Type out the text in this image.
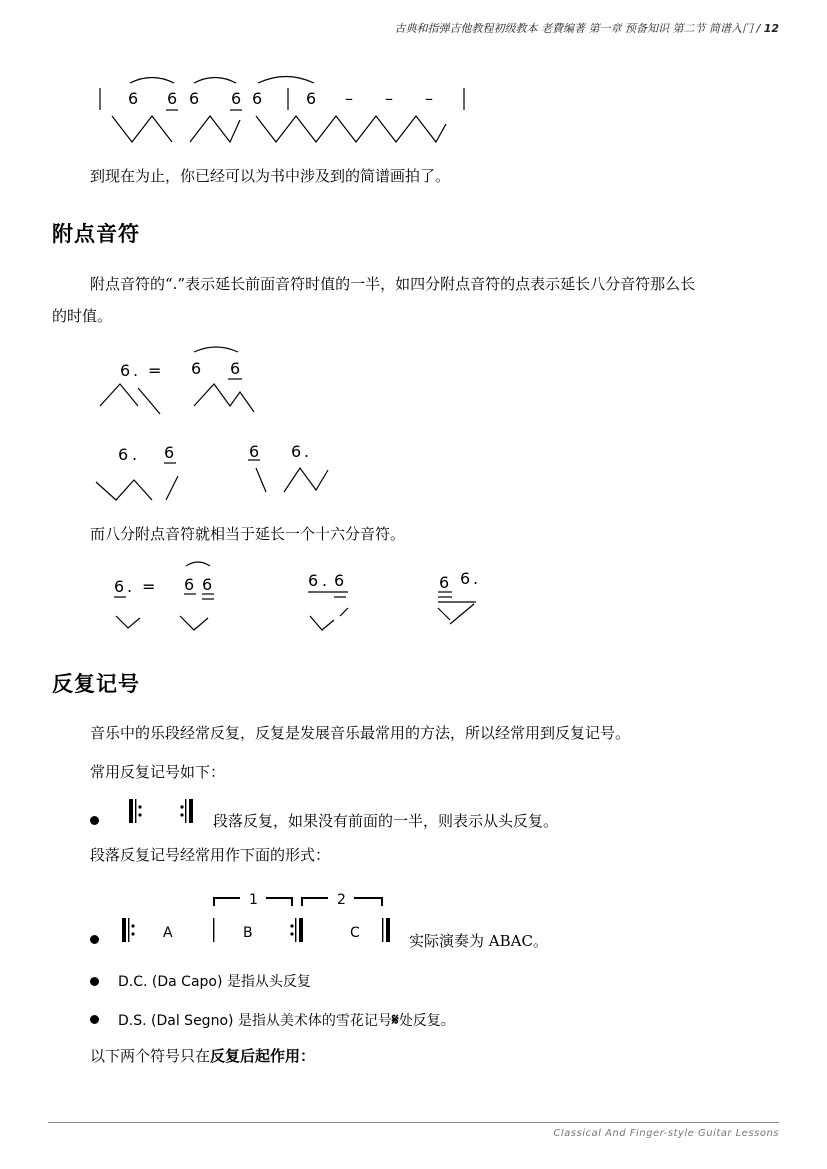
古典和指弹吉他教程初级教本 老費编著 第一章 预备知识 第二节 简谱入门 / 12
6 6 6 6 6	6 – – –
到现在为止，你已经可以为书中涉及到的简谱画拍了。
附点音符
附点音符的“.”表示延长前面音符时值的一半，如四分附点音符的点表示延长八分音符那么长
的时值。
6 . = 6 6
6 . 6	6 6 .
而八分附点音符就相当于延长一个十六分音符。
6 . = 6 6	6 . 6	6 6 .
反复记号
音乐中的乐段经常反复，反复是发展音乐最常用的方法，所以经常用到反复记号。
常用反复记号如下：
段落反复，如果没有前面的一半，则表示从头反复。
段落反复记号经常用作下面的形式：
1	2
A	B	C	实际演奏为 ABAC。
D.C. (Da Capo) 是指从头反复
D.S. (Dal Segno) 是指从美术体的雪花记号𝄋处反复。
以下两个符号只在反复后起作用：
Classical And Finger-style Guitar Lessons
